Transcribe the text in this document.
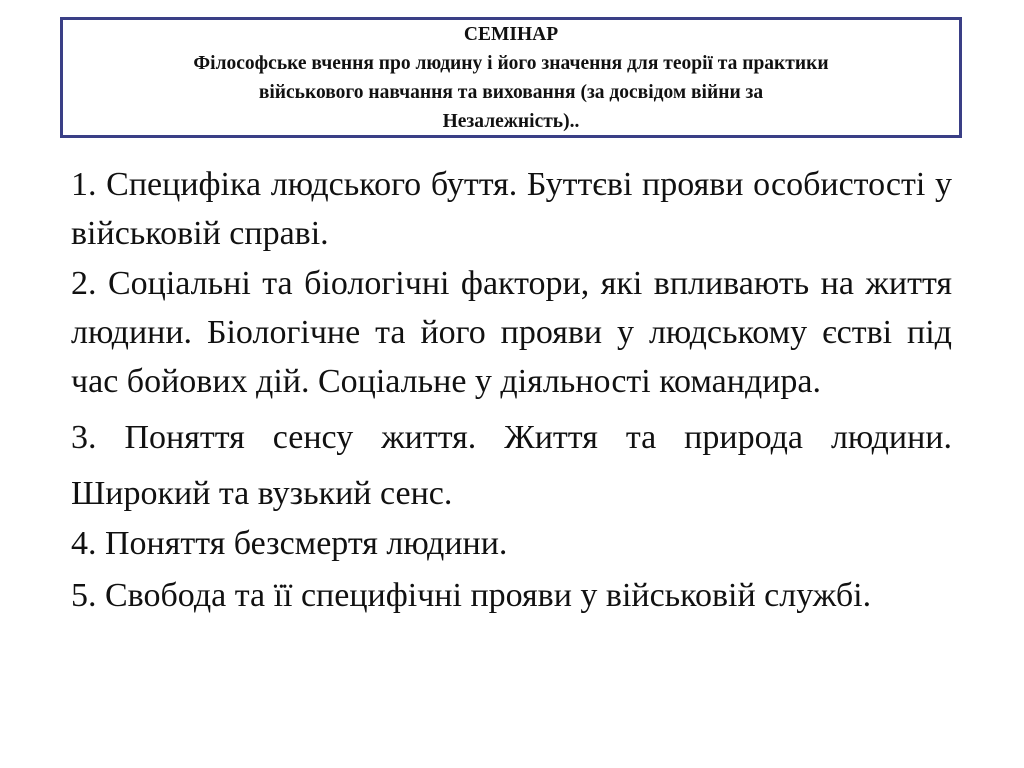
СЕМІНАР
Філософське вчення про людину і його значення для теорії та практики
військового навчання та виховання (за досвідом війни за
Незалежність)..

1. Специфіка людського буття. Буттєві прояви особистості у військовій справі.

2. Соціальні та біологічні фактори, які впливають на життя людини. Біологічне та його прояви у людському єстві під час бойових дій. Соціальне у діяльності командира.

3. Поняття сенсу життя. Життя та природа людини. Широкий та вузький сенс.

4. Поняття безсмертя людини.

5. Свобода та її специфічні прояви у військовій службі.
